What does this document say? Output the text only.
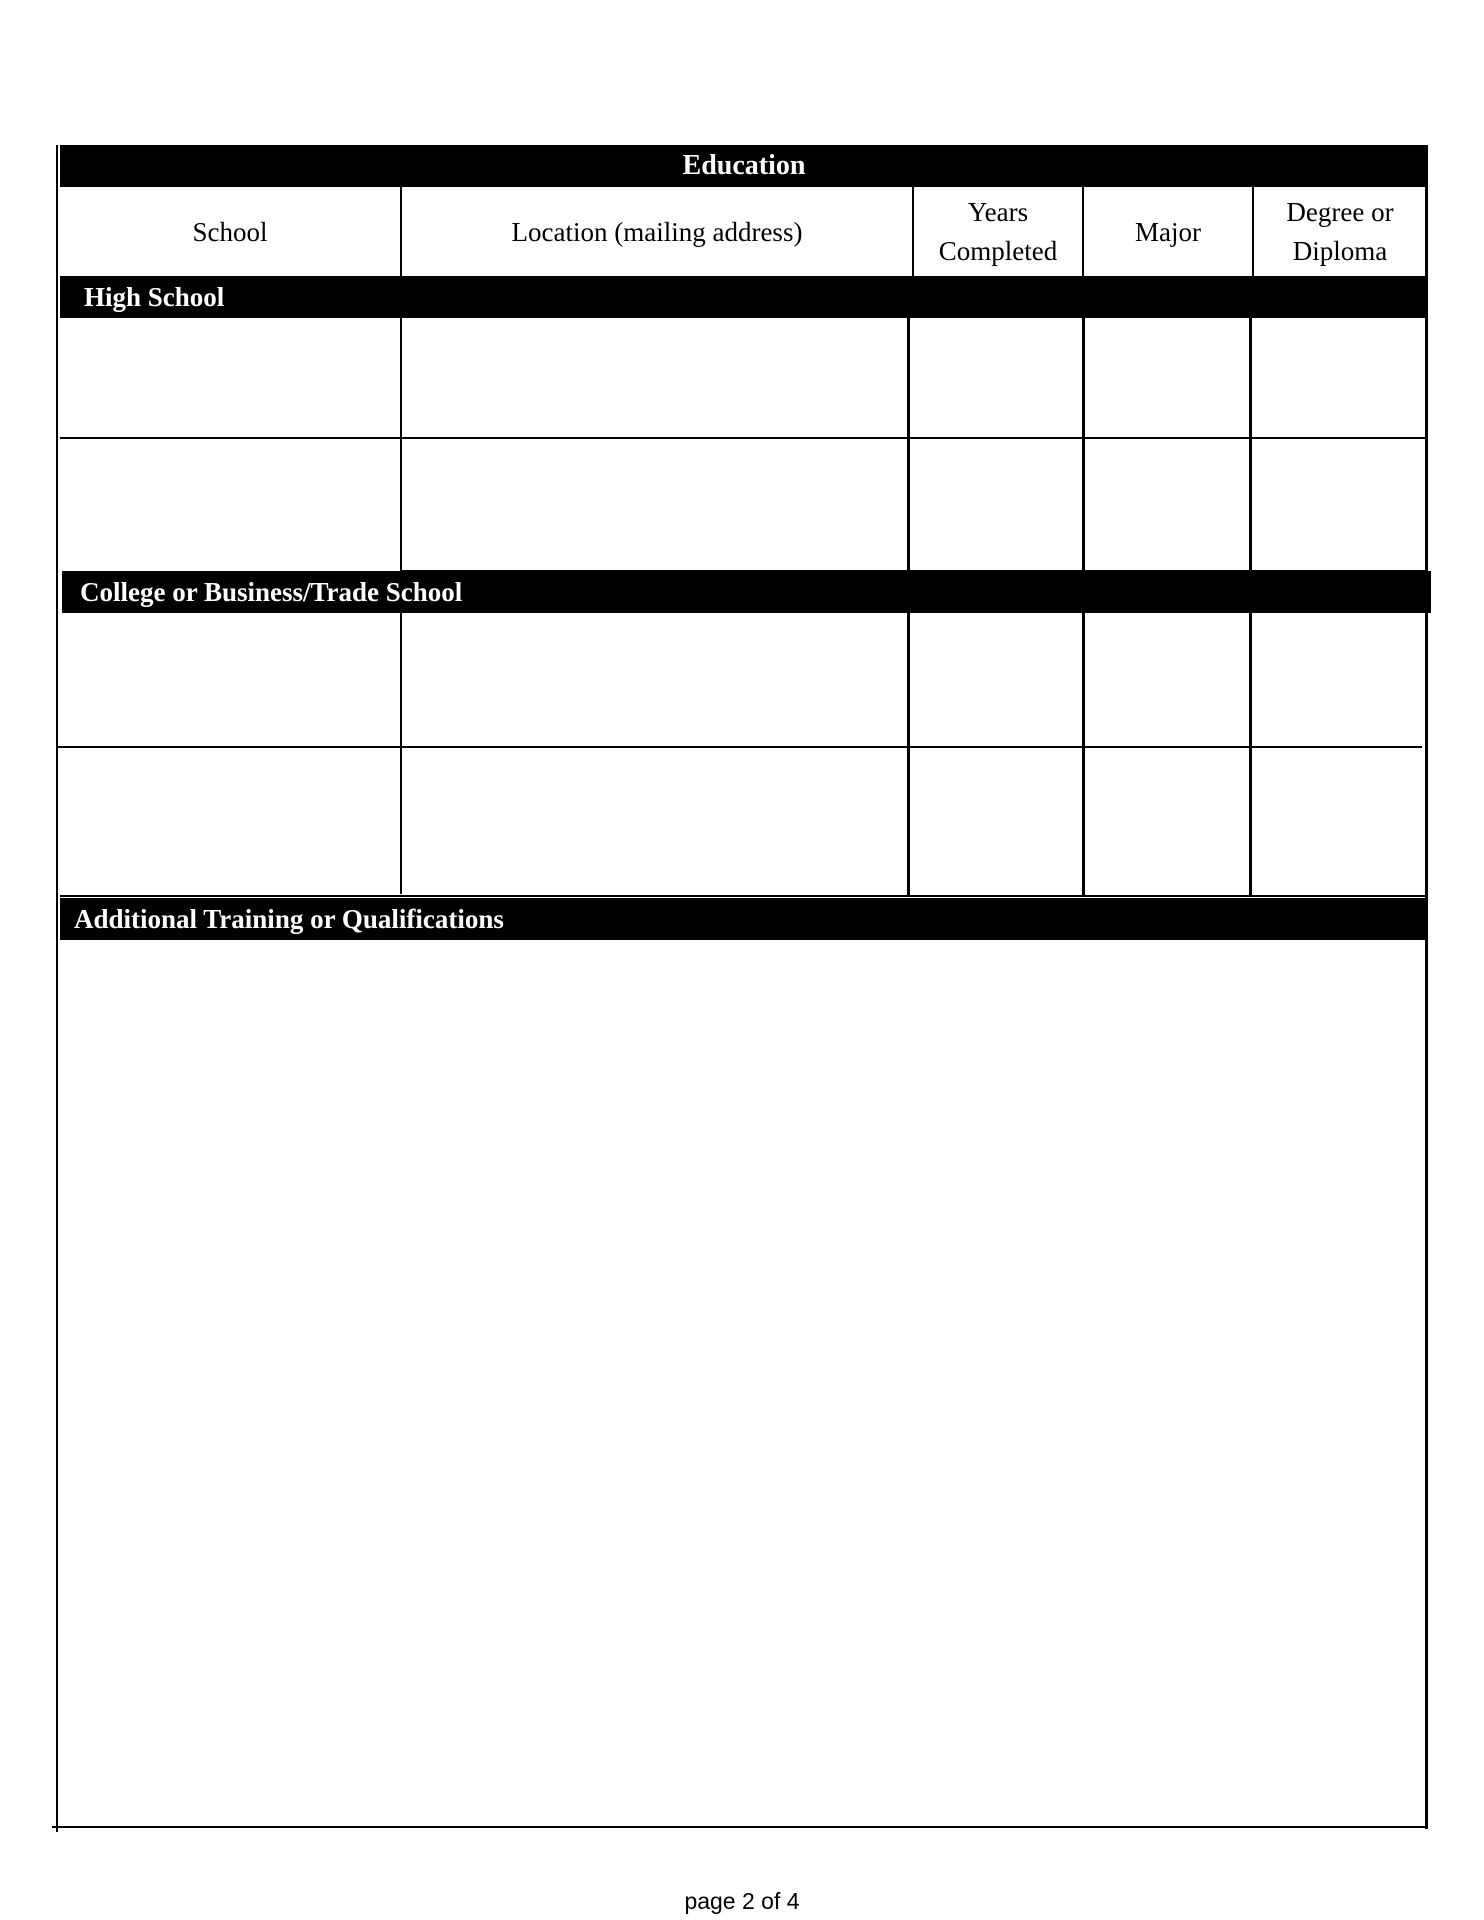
Education
School	Location (mailing address)
Years
Completed
Major
Degree or
Diploma
High School
College or Business/Trade School
Additional Training or Qualifications
page 2 of 4
